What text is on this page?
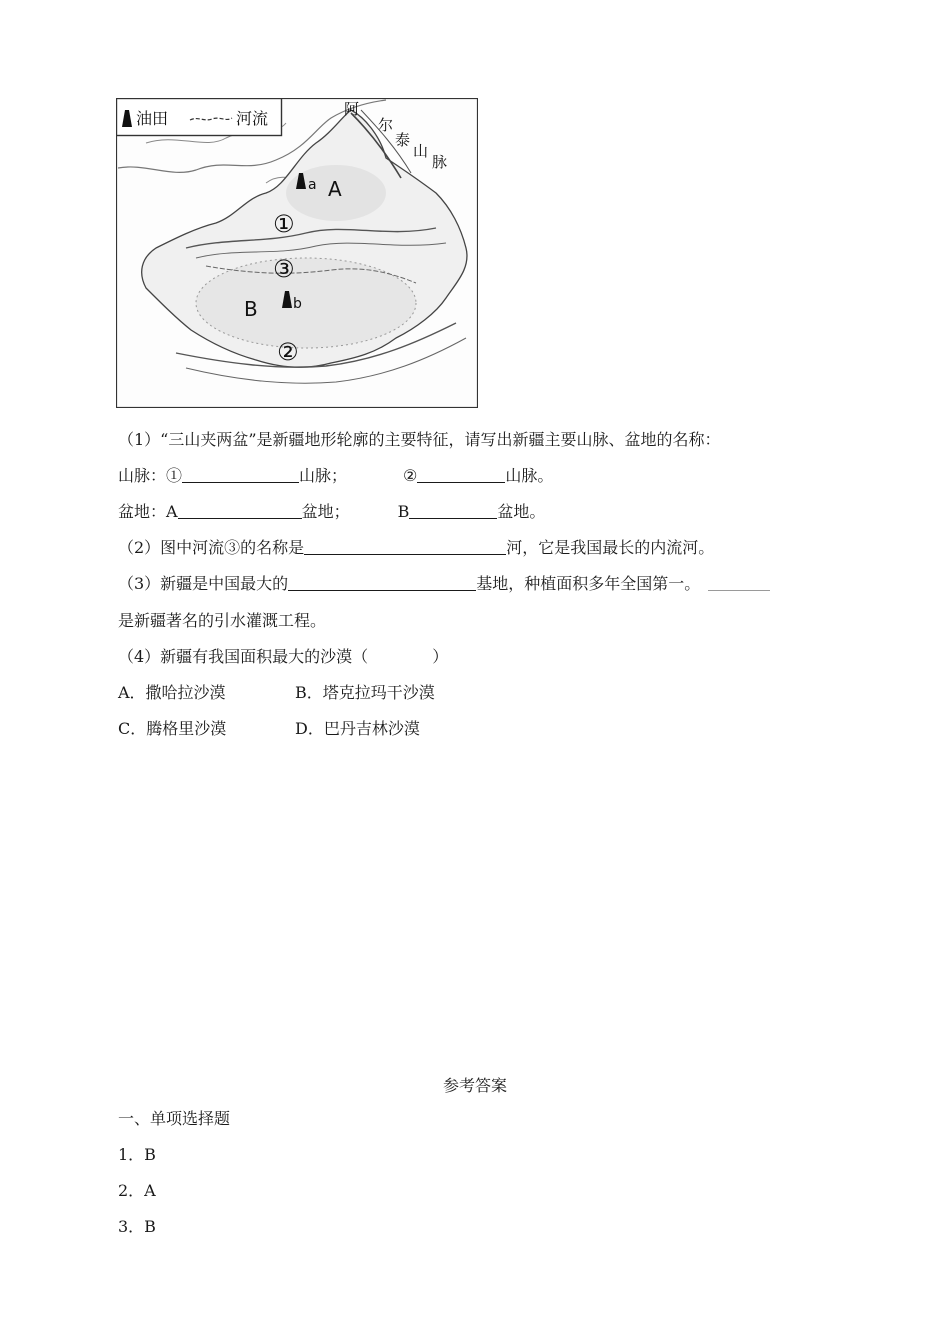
油田	河流	阿
尔
泰
山
脉
a A
①
③
②
B	b
（1）“三山夹两盆”是新疆地形轮廓的主要特征，请写出新疆主要山脉、盆地的名称：
山脉：①	山脉；	②	山脉。
盆地：A	盆地；	B	盆地。
（2）图中河流③的名称是	河，它是我国最长的内流河。
（3）新疆是中国最大的	基地，种植面积多年全国第一。
是新疆著名的引水灌溉工程。
（4）新疆有我国面积最大的沙漠（	）
A．撒哈拉沙漠	B．塔克拉玛干沙漠
C．腾格里沙漠	D．巴丹吉林沙漠
参考答案
一、单项选择题
1．B
2．A
3．B
